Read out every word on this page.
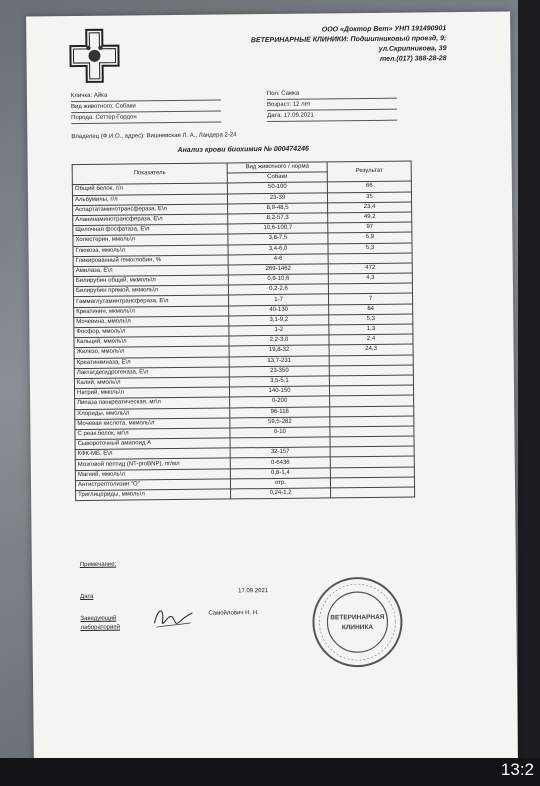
ООО «Доктор Вет» УНП 191490901
ВЕТЕРИНАРНЫЕ КЛИНИКИ: Подшипниковый проезд, 9;
ул.Скрипникова, 39
тел.(017) 388-28-28
Кличка: Айка
Вид животного: Собаки
Порода: Сеттер-Гордон
Пол: Самка
Возраст: 12 лет
Дата: 17.09.2021
Владелец (Ф.И.О., адрес): Вишневская Л. А., Ландера 2-24
Анализ крови биохимия № 000474246
Показатель	Вид животного / норма	Результат
	Собаки	
Общий белок, г/л	50-100	66
Альбумины, г/л	23-39	35
Аспартатаминотрансфераза, Е\л	8,9-48,5	23,4
Аланинаминотрансфераза, Е\л	8,2-57,3	49,2
Щелочная фосфатаза, Е\л	10,6-100,7	97
Холестерин, ммоль\л	3,8-7,5	5,9
Глюкоза, ммоль\л	3,4-6,0	5,3
Гликированный гемоглобин, %	4-6	
Амилаза, Е\л	269-1462	472
Билирубин общий, мкмоль\л	0,9-10,6	4,3
Билирубин прямой, мкмоль\л	0,2-2,6	
Гаммаглутаминтрансфераза, Е\л	1-7	7
Креатинин, мкмоль\л	40-130	84
Мочевина, ммоль\л	3,1-9,2	5,3
Фосфор, ммоль\л	1-2	1,3
Кальций, ммоль\л	2,2-3,0	2,4
Железо, ммоль\л	19,8-32	24,3
Креатинкиназа, Е\л	13,7-231	
Лактатдегидрогеназа, Е\л	23-350	
Калий, ммоль\л	3,5-5,1	
Натрий, ммоль\л	140-150	
Липаза панкреатическая, мг\л	0-200	
Хлориды, ммоль\л	96-118	
Мочевая кислота, мкмоль\л	59,5-282	
С реак.белок, мг\л	0-10	
Сывороточный амилоид А		
КФК-МБ, Е\л	32-157	
Мозговой пептид (NT-proBNP), пг/мл	0-6436	
Магний, ммоль\л	0,8-1,4	
Антистрептолизин "О"	отр.	
Триглицериды, ммоль\л	0,24-1,2	
Примечание:
Дата
17.09.2021
Заведующий
лабораторией
Самойлович Н. Н.
ВЕТЕРИНАРНАЯ
КЛИНИКА
13:2
